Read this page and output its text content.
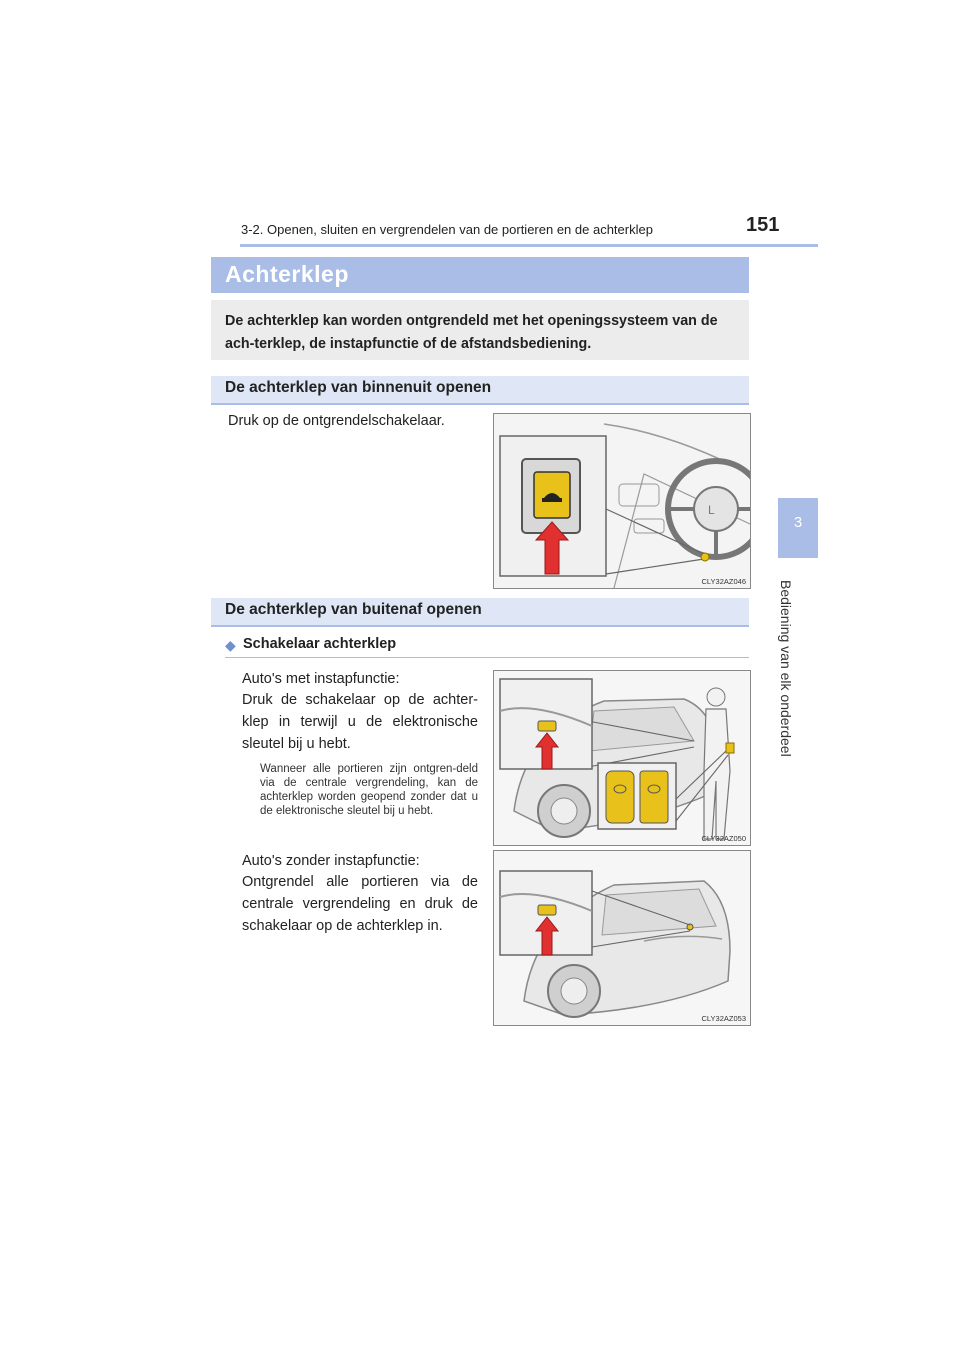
3-2. Openen, sluiten en vergrendelen van de portieren en de achterklep	151
3
Bediening van elk onderdeel
Achterklep

De achterklep kan worden ontgrendeld met het openingssysteem van de ach-terklep, de instapfunctie of de afstandsbediening.

De achterklep van binnenuit openen
Druk op de ontgrendelschakelaar.
L
CLY32AZ046
De achterklep van buitenaf openen
◆ Schakelaar achterklep
Auto's met instapfunctie:
Druk de schakelaar op de achter-klep in terwijl u de elektronische sleutel bij u hebt.
Wanneer alle portieren zijn ontgren-deld via de centrale vergrendeling, kan de achterklep worden geopend zonder dat u de elektronische sleutel bij u hebt.
Auto's zonder instapfunctie:
Ontgrendel alle portieren via de centrale vergrendeling en druk de schakelaar op de achterklep in.
CLY32AZ050
CLY32AZ053
